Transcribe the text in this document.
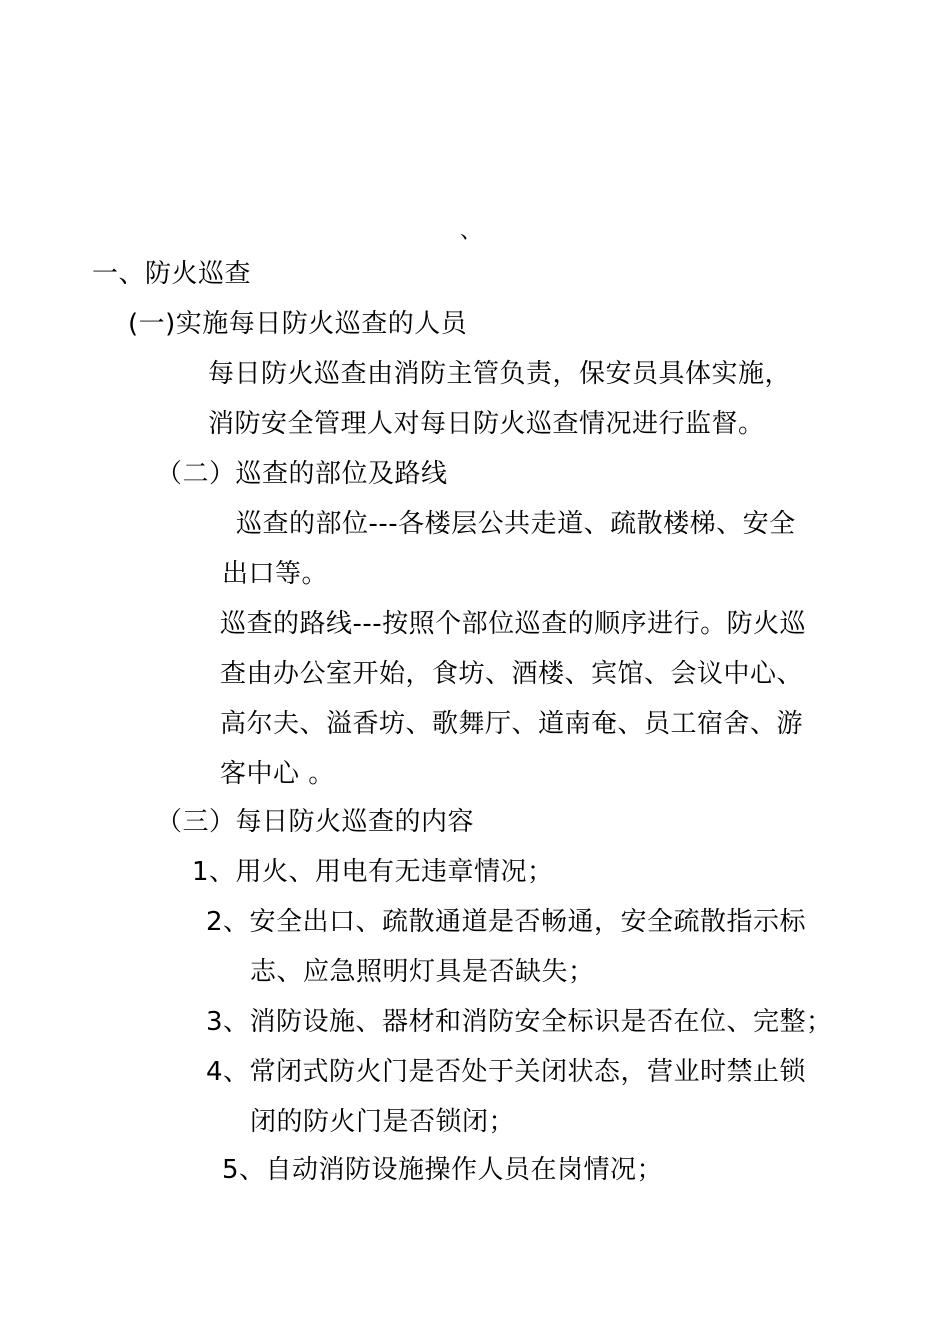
、
一、防火巡查
(一)实施每日防火巡查的人员
每日防火巡查由消防主管负责，保安员具体实施，
消防安全管理人对每日防火巡查情况进行监督。
（二）巡查的部位及路线
巡查的部位---各楼层公共走道、疏散楼梯、安全
出口等。
巡查的路线---按照个部位巡查的顺序进行。防火巡
查由办公室开始，食坊、酒楼、宾馆、会议中心、
高尔夫、溢香坊、歌舞厅、道南奄、员工宿舍、游
客中心 。
（三）每日防火巡查的内容
1、用火、用电有无违章情况；
2、安全出口、疏散通道是否畅通，安全疏散指示标
志、应急照明灯具是否缺失；
3、消防设施、器材和消防安全标识是否在位、完整；
4、常闭式防火门是否处于关闭状态，营业时禁止锁
闭的防火门是否锁闭；
5、自动消防设施操作人员在岗情况；
